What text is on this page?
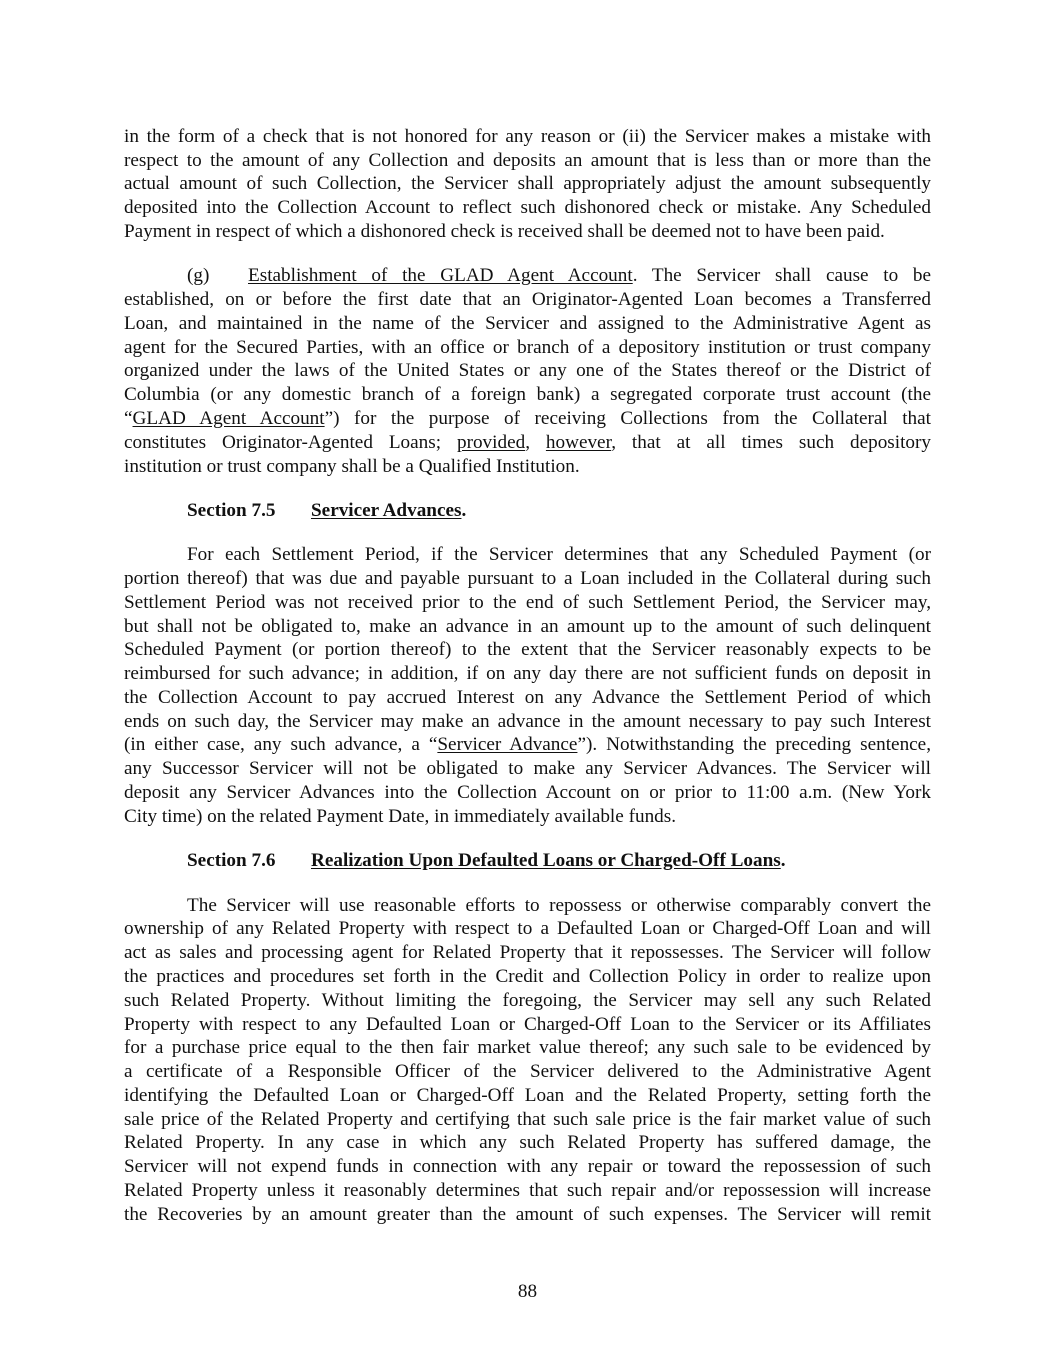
in the form of a check that is not honored for any reason or (ii) the Servicer makes a mistake with
respect to the amount of any Collection and deposits an amount that is less than or more than the
actual amount of such Collection, the Servicer shall appropriately adjust the amount subsequently
deposited into the Collection Account to reflect such dishonored check or mistake. Any Scheduled
Payment in respect of which a dishonored check is received shall be deemed not to have been paid.
(g) Establishment of the GLAD Agent Account. The Servicer shall cause to be
established, on or before the first date that an Originator-Agented Loan becomes a Transferred
Loan, and maintained in the name of the Servicer and assigned to the Administrative Agent as
agent for the Secured Parties, with an office or branch of a depository institution or trust company
organized under the laws of the United States or any one of the States thereof or the District of
Columbia (or any domestic branch of a foreign bank) a segregated corporate trust account (the
“GLAD Agent Account”) for the purpose of receiving Collections from the Collateral that
constitutes Originator-Agented Loans; provided, however, that at all times such depository
institution or trust company shall be a Qualified Institution.
Section 7.5 Servicer Advances.
For each Settlement Period, if the Servicer determines that any Scheduled Payment (or
portion thereof) that was due and payable pursuant to a Loan included in the Collateral during such
Settlement Period was not received prior to the end of such Settlement Period, the Servicer may,
but shall not be obligated to, make an advance in an amount up to the amount of such delinquent
Scheduled Payment (or portion thereof) to the extent that the Servicer reasonably expects to be
reimbursed for such advance; in addition, if on any day there are not sufficient funds on deposit in
the Collection Account to pay accrued Interest on any Advance the Settlement Period of which
ends on such day, the Servicer may make an advance in the amount necessary to pay such Interest
(in either case, any such advance, a “Servicer Advance”). Notwithstanding the preceding sentence,
any Successor Servicer will not be obligated to make any Servicer Advances. The Servicer will
deposit any Servicer Advances into the Collection Account on or prior to 11:00 a.m. (New York
City time) on the related Payment Date, in immediately available funds.
Section 7.6 Realization Upon Defaulted Loans or Charged-Off Loans.
The Servicer will use reasonable efforts to repossess or otherwise comparably convert the
ownership of any Related Property with respect to a Defaulted Loan or Charged-Off Loan and will
act as sales and processing agent for Related Property that it repossesses. The Servicer will follow
the practices and procedures set forth in the Credit and Collection Policy in order to realize upon
such Related Property. Without limiting the foregoing, the Servicer may sell any such Related
Property with respect to any Defaulted Loan or Charged-Off Loan to the Servicer or its Affiliates
for a purchase price equal to the then fair market value thereof; any such sale to be evidenced by
a certificate of a Responsible Officer of the Servicer delivered to the Administrative Agent
identifying the Defaulted Loan or Charged-Off Loan and the Related Property, setting forth the
sale price of the Related Property and certifying that such sale price is the fair market value of such
Related Property. In any case in which any such Related Property has suffered damage, the
Servicer will not expend funds in connection with any repair or toward the repossession of such
Related Property unless it reasonably determines that such repair and/or repossession will increase
the Recoveries by an amount greater than the amount of such expenses. The Servicer will remit
88
